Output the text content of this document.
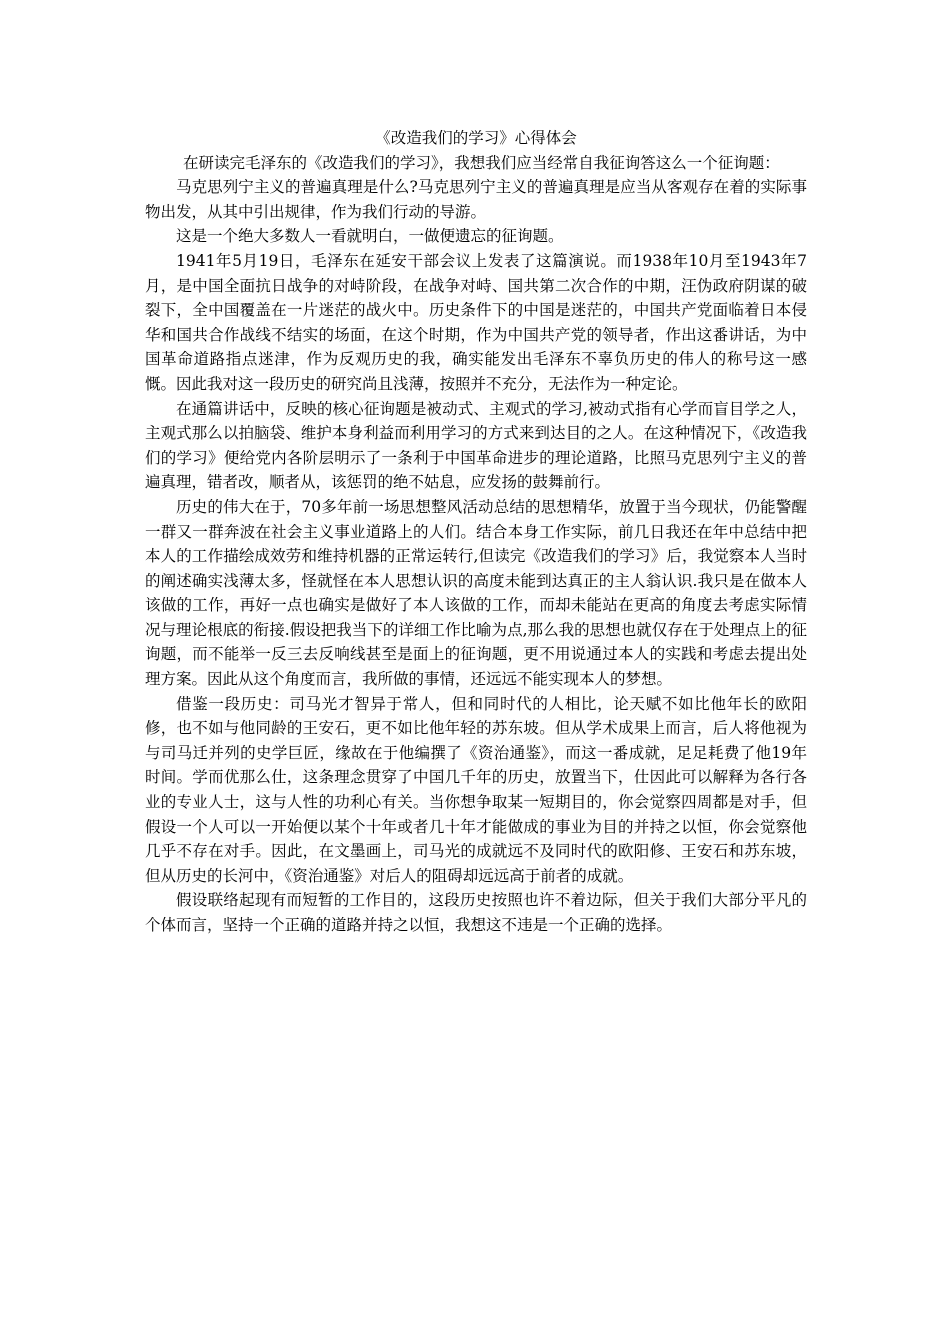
《改造我们的学习》心得体会

在研读完毛泽东的《改造我们的学习》，我想我们应当经常自我征询答这么一个征询题：

马克思列宁主义的普遍真理是什么?马克思列宁主义的普遍真理是应当从客观存在着的实际事物出发，从其中引出规律，作为我们行动的导游。

这是一个绝大多数人一看就明白，一做便遗忘的征询题。

1941年5月19日，毛泽东在延安干部会议上发表了这篇演说。而1938年10月至1943年7月，是中国全面抗日战争的对峙阶段，在战争对峙、国共第二次合作的中期，汪伪政府阴谋的破裂下，全中国覆盖在一片迷茫的战火中。历史条件下的中国是迷茫的，中国共产党面临着日本侵华和国共合作战线不结实的场面，在这个时期，作为中国共产党的领导者，作出这番讲话，为中国革命道路指点迷津，作为反观历史的我，确实能发出毛泽东不辜负历史的伟人的称号这一感慨。因此我对这一段历史的研究尚且浅薄，按照并不充分，无法作为一种定论。

在通篇讲话中，反映的核心征询题是被动式、主观式的学习,被动式指有心学而盲目学之人，主观式那么以拍脑袋、维护本身利益而利用学习的方式来到达目的之人。在这种情况下，《改造我们的学习》便给党内各阶层明示了一条利于中国革命进步的理论道路，比照马克思列宁主义的普遍真理，错者改，顺者从，该惩罚的绝不姑息，应发扬的鼓舞前行。

历史的伟大在于，70多年前一场思想整风活动总结的思想精华，放置于当今现状，仍能警醒一群又一群奔波在社会主义事业道路上的人们。结合本身工作实际，前几日我还在年中总结中把本人的工作描绘成效劳和维持机器的正常运转行,但读完《改造我们的学习》后，我觉察本人当时的阐述确实浅薄太多，怪就怪在本人思想认识的高度未能到达真正的主人翁认识.我只是在做本人该做的工作，再好一点也确实是做好了本人该做的工作，而却未能站在更高的角度去考虑实际情况与理论根底的衔接.假设把我当下的详细工作比喻为点,那么我的思想也就仅存在于处理点上的征询题，而不能举一反三去反响线甚至是面上的征询题，更不用说通过本人的实践和考虑去提出处理方案。因此从这个角度而言，我所做的事情，还远远不能实现本人的梦想。

借鉴一段历史：司马光才智异于常人，但和同时代的人相比，论天赋不如比他年长的欧阳修，也不如与他同龄的王安石，更不如比他年轻的苏东坡。但从学术成果上而言，后人将他视为与司马迁并列的史学巨匠，缘故在于他编撰了《资治通鉴》，而这一番成就，足足耗费了他19年时间。学而优那么仕，这条理念贯穿了中国几千年的历史，放置当下，仕因此可以解释为各行各业的专业人士，这与人性的功利心有关。当你想争取某一短期目的，你会觉察四周都是对手，但假设一个人可以一开始便以某个十年或者几十年才能做成的事业为目的并持之以恒，你会觉察他几乎不存在对手。因此，在文墨画上，司马光的成就远不及同时代的欧阳修、王安石和苏东坡，但从历史的长河中，《资治通鉴》对后人的阻碍却远远高于前者的成就。

假设联络起现有而短暂的工作目的，这段历史按照也许不着边际，但关于我们大部分平凡的个体而言，坚持一个正确的道路并持之以恒，我想这不违是一个正确的选择。
